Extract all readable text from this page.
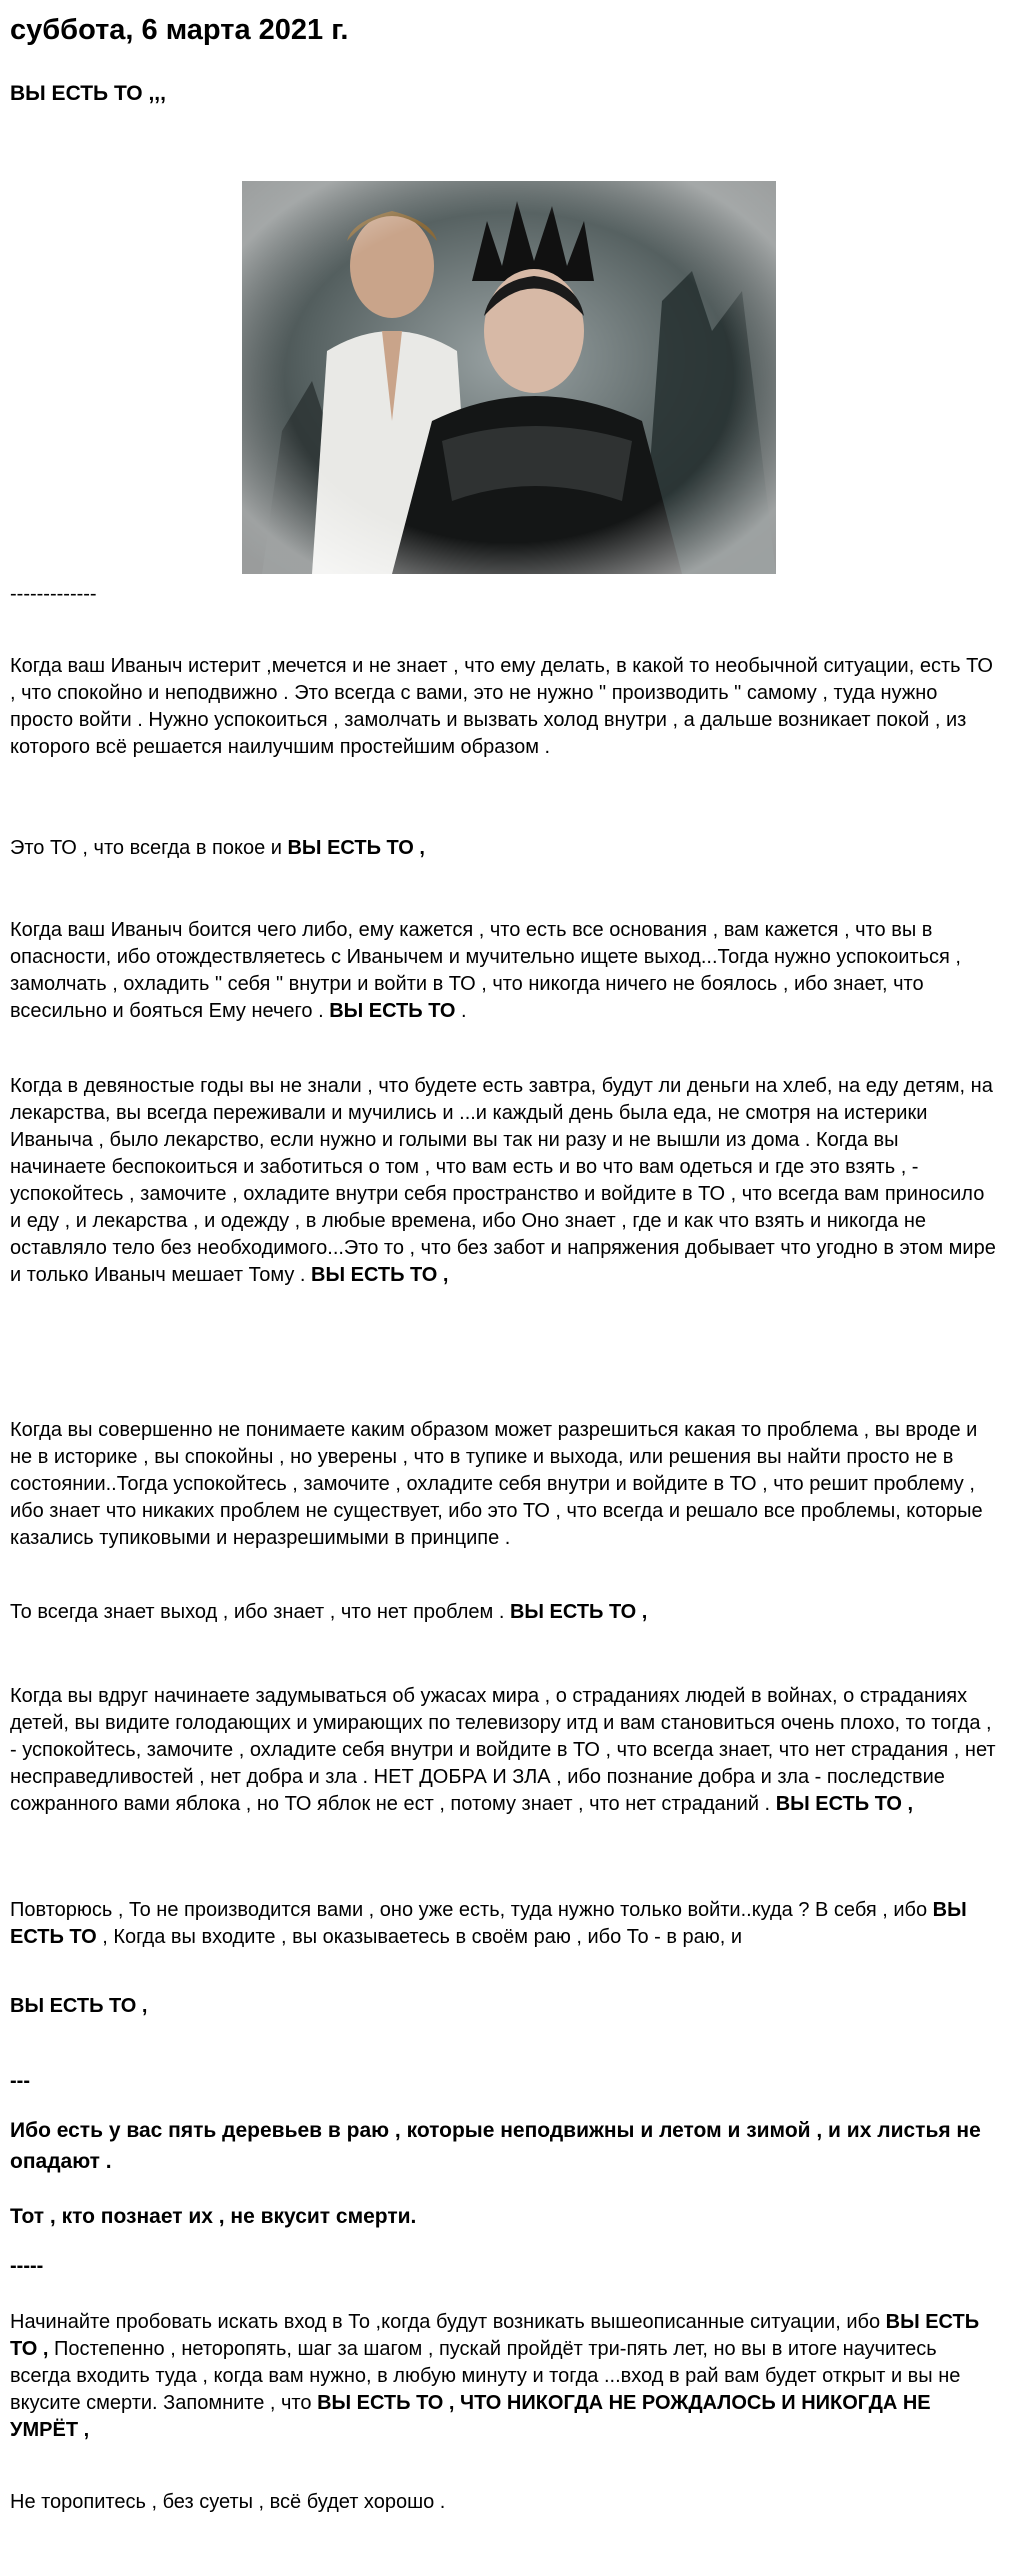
суббота, 6 марта 2021 г.
ВЫ ЕСТЬ ТО ,,,

-------------

Когда ваш Иваныч истерит ,мечется и не знает , что ему делать, в какой то необычной ситуации, есть ТО , что спокойно и неподвижно . Это всегда с вами, это не нужно " производить " самому , туда нужно просто войти . Нужно успокоиться , замолчать и вызвать холод внутри , а дальше возникает покой , из которого всё решается наилучшим простейшим образом .

Это ТО , что всегда в покое и ВЫ ЕСТЬ ТО ,

Когда ваш Иваныч боится чего либо, ему кажется , что есть все основания , вам кажется , что вы в опасности, ибо отождествляетесь с Иванычем и мучительно ищете выход...Тогда нужно успокоиться , замолчать , охладить " себя " внутри и войти в ТО , что никогда ничего не боялось , ибо знает, что всесильно и бояться Ему нечего . ВЫ ЕСТЬ ТО .

Когда в девяностые годы вы не знали , что будете есть завтра, будут ли деньги на хлеб, на еду детям, на лекарства, вы всегда переживали и мучились и ...и каждый день была еда, не смотря на истерики Иваныча , было лекарство, если нужно и голыми вы так ни разу и не вышли из дома . Когда вы начинаете беспокоиться и заботиться о том , что вам есть и во что вам одеться и где это взять , - успокойтесь , замочите , охладите внутри себя пространство и войдите в ТО , что всегда вам приносило и еду , и лекарства , и одежду , в любые времена, ибо Оно знает , где и как что взять и никогда не оставляло тело без необходимого...Это то , что без забот и напряжения добывает что угодно в этом мире и только Иваныч мешает Тому . ВЫ ЕСТЬ ТО ,

Когда вы совершенно не понимаете каким образом может разрешиться какая то проблема , вы вроде и не в историке , вы спокойны , но уверены , что в тупике и выхода, или решения вы найти просто не в состоянии..Тогда успокойтесь , замочите , охладите себя внутри и войдите в ТО , что решит проблему , ибо знает что никаких проблем не существует, ибо это ТО , что всегда и решало все проблемы, которые казались тупиковыми и неразрешимыми в принципе .

То всегда знает выход , ибо знает , что нет проблем . ВЫ ЕСТЬ ТО ,

Когда вы вдруг начинаете задумываться об ужасах мира , о страданиях людей в войнах, о страданиях детей, вы видите голодающих и умирающих по телевизору итд и вам становиться очень плохо, то тогда , - успокойтесь, замочите , охладите себя внутри и войдите в ТО , что всегда знает, что нет страдания , нет несправедливостей , нет добра и зла . НЕТ ДОБРА И ЗЛА , ибо познание добра и зла - последствие сожранного вами яблока , но ТО яблок не ест , потому знает , что нет страданий . ВЫ ЕСТЬ ТО ,

Повторюсь , То не производится вами , оно уже есть, туда нужно только войти..куда ? В себя , ибо ВЫ ЕСТЬ ТО , Когда вы входите , вы оказываетесь в своём раю , ибо То - в раю, и

ВЫ ЕСТЬ ТО ,

---

Ибо есть у вас пять деревьев в раю , которые неподвижны и летом и зимой , и их листья не опадают .

Тот , кто познает их , не вкусит смерти.

-----

Начинайте пробовать искать вход в То ,когда будут возникать вышеописанные ситуации, ибо ВЫ ЕСТЬ ТО , Постепенно , неторопять, шаг за шагом , пускай пройдёт три-пять лет, но вы в итоге научитесь всегда входить туда , когда вам нужно, в любую минуту и тогда ...вход в рай вам будет открыт и вы не вкусите смерти. Запомните , что ВЫ ЕСТЬ ТО , ЧТО НИКОГДА НЕ РОЖДАЛОСЬ И НИКОГДА НЕ УМРЁТ ,

Не торопитесь , без суеты , всё будет хорошо .
